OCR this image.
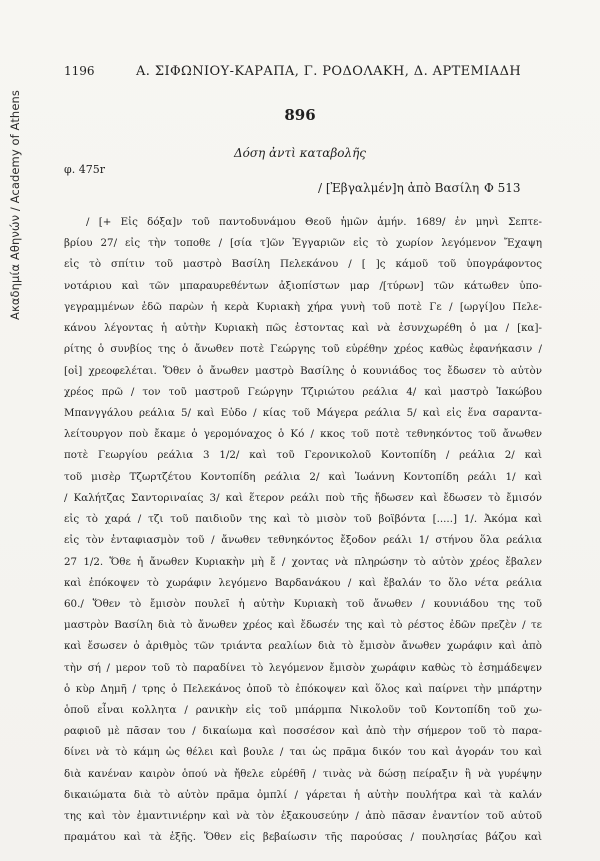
Ακαδημία Αθηνών / Academy of Athens
1196	Α. ΣΙΦΩΝΙΟΥ-ΚΑΡΑΠΑ, Γ. ΡΟΔΟΛΑΚΗ, Δ. ΑΡΤΕΜΙΑΔΗ
896
Δόση ἀντὶ καταβολῆς
φ. 475r
/ [Ἐβγαλμέν]η ἀπὸ Βασίλη Φ 513
/ [+ Εἰς δόξα]ν τοῦ παντοδυνάμου Θεοῦ ἡμῶν ἀμήν. 1689/ ἐν μηνὶ Σεπτε-
βρίου 27/ εἰς τὴν τοποθε / [σία τ]ῶν Ἐγγαριῶν εἰς τὸ χωρίον λεγόμενον Ἔχαψη
εἰς τὸ σπίτιν τοῦ μαστρὸ Βασίλη Πελεκάνου / [ ]ς κάμοῦ τοῦ ὑπογράφοντος
νοτάριου καὶ τῶν μπαραυρεθέντων ἀξιοπίστων μαρ /[τύρων] τῶν κάτωθεν ὑπο-
γεγραμμένων ἐδῶ παρὼν ἡ κερὰ Κυριακὴ χήρα γυνὴ τοῦ ποτὲ Γε / [ωργί]ου Πελε-
κάνου λέγοντας ἡ αὐτὴν Κυριακὴ πῶς ἐστοντας καὶ νὰ ἐσυνχωρέθη ὁ μα / [κα]-
ρίτης ὁ συνβίος της ὁ ἄνωθεν ποτὲ Γεώργης τοῦ εὑρέθην χρέος καθὼς ἐφανήκασιν /
[οἱ] χρεοφελέται. Ὅθεν ὁ ἄνωθεν μαστρὸ Βασίλης ὁ κουνιάδος τος ἔδωσεν τὸ αὐτὸν
χρέος πρῶ / τον τοῦ μαστροῦ Γεώργην Τζιριώτου ρεάλια 4/ καὶ μαστρὸ Ἰακώβου
Μπανγγάλου ρεάλια 5/ καὶ Εὐδο / κίας τοῦ Μάγερα ρεάλια 5/ καὶ εἰς ἕνα σαραντα-
λείτουργον ποὺ ἔκαμε ὁ γερομόναχος ὁ Κό / κκος τοῦ ποτὲ τεθνηκόντος τοῦ ἄνωθεν
ποτὲ Γεωργίου ρεάλια 3 1/2/ καὶ τοῦ Γερονικολοῦ Κοντοπίδη / ρεάλια 2/ καὶ
τοῦ μισὲρ Τζωρτζέτου Κοντοπίδη ρεάλια 2/ καὶ Ἰωάννη Κοντοπίδη ρεάλι 1/ καὶ
/ Καλήτζας Σαντοριναίας 3/ καὶ ἕτερον ρεάλι ποὺ τῆς ἤδωσεν καὶ ἔδωσεν τὸ ἔμισόν
εἰς τὸ χαρά / τζι τοῦ παιδιοῦν της καὶ τὸ μισὸν τοῦ βοϊβόντα [.....] 1/. Ἀκόμα καὶ
εἰς τὸν ἐνταφιασμὸν τοῦ / ἄνωθεν τεθνηκόντος ἔξοδον ρεάλι 1/ στήνου ὅλα ρεάλια
27 1/2. Ὅθε ἡ ἄνωθεν Κυριακὴν μὴ ἔ / χοντας νὰ πληρώσην τὸ αὐτὸν χρέος ἔβαλεν
καὶ ἐπόκοψεν τὸ χωράφιν λεγόμενο Βαρδανάκου / καὶ ἔβαλάν το ὅλο νέτα ρεάλια
60./ Ὅθεν τὸ ἔμισὸν πουλεῖ ἡ αὐτὴν Κυριακὴ τοῦ ἄνωθεν / κουνιάδου της τοῦ
μαστρὸν Βασίλη διὰ τὸ ἄνωθεν χρέος καὶ ἔδωσέν της καὶ τὸ ρέστος ἐδῶν πρεζὲν / τε
καὶ ἔσωσεν ὁ ἀριθμὸς τῶν τριάντα ρεαλίων διὰ τὸ ἔμισὸν ἄνωθεν χωράφιν καὶ ἀπὸ
τὴν σή / μερον τοῦ τὸ παραδίνει τὸ λεγόμενον ἔμισὸν χωράφιν καθὼς τὸ ἐσημάδεψεν
ὁ κὺρ Δημῆ / τρης ὁ Πελεκάνος ὁποῦ τὸ ἐπόκοψεν καὶ ὅλος καὶ παίρνει τὴν μπάρτην
ὁποῦ εἶναι κολλητα / ρανικὴν εἰς τοῦ μπάρμπα Νικολοῦν τοῦ Κοντοπίδη τοῦ χω-
ραφιοῦ μὲ πᾶσαν του / δικαίωμα καὶ ποσσέσον καὶ ἀπὸ τὴν σήμερον τοῦ τὸ παρα-
δίνει νὰ τὸ κάμη ὡς θέλει καὶ βουλε / ται ὡς πρᾶμα δικόν του καὶ ἀγοράν του καὶ
διὰ κανέναν καιρὸν ὁπού νὰ ἤθελε εὑρέθῆ / τινὰς νὰ δώσῃ πείραξιν ἢ νὰ γυρέψην
δικαιώματα διὰ τὸ αὐτὸν πρᾶμα ὀμπλί / γάρεται ἡ αὐτὴν πουλήτρα καὶ τὰ καλάν
της καὶ τὸν ἐμαντινιέρην καὶ νὰ τὸν ἐξακουσεύην / ἀπὸ πᾶσαν ἐναντίον τοῦ αὐτοῦ
πραμάτου καὶ τὰ ἐξῆς. Ὅθεν εἰς βεβαίωσιν τῆς παρούσας / πουλησίας βάζου καὶ
